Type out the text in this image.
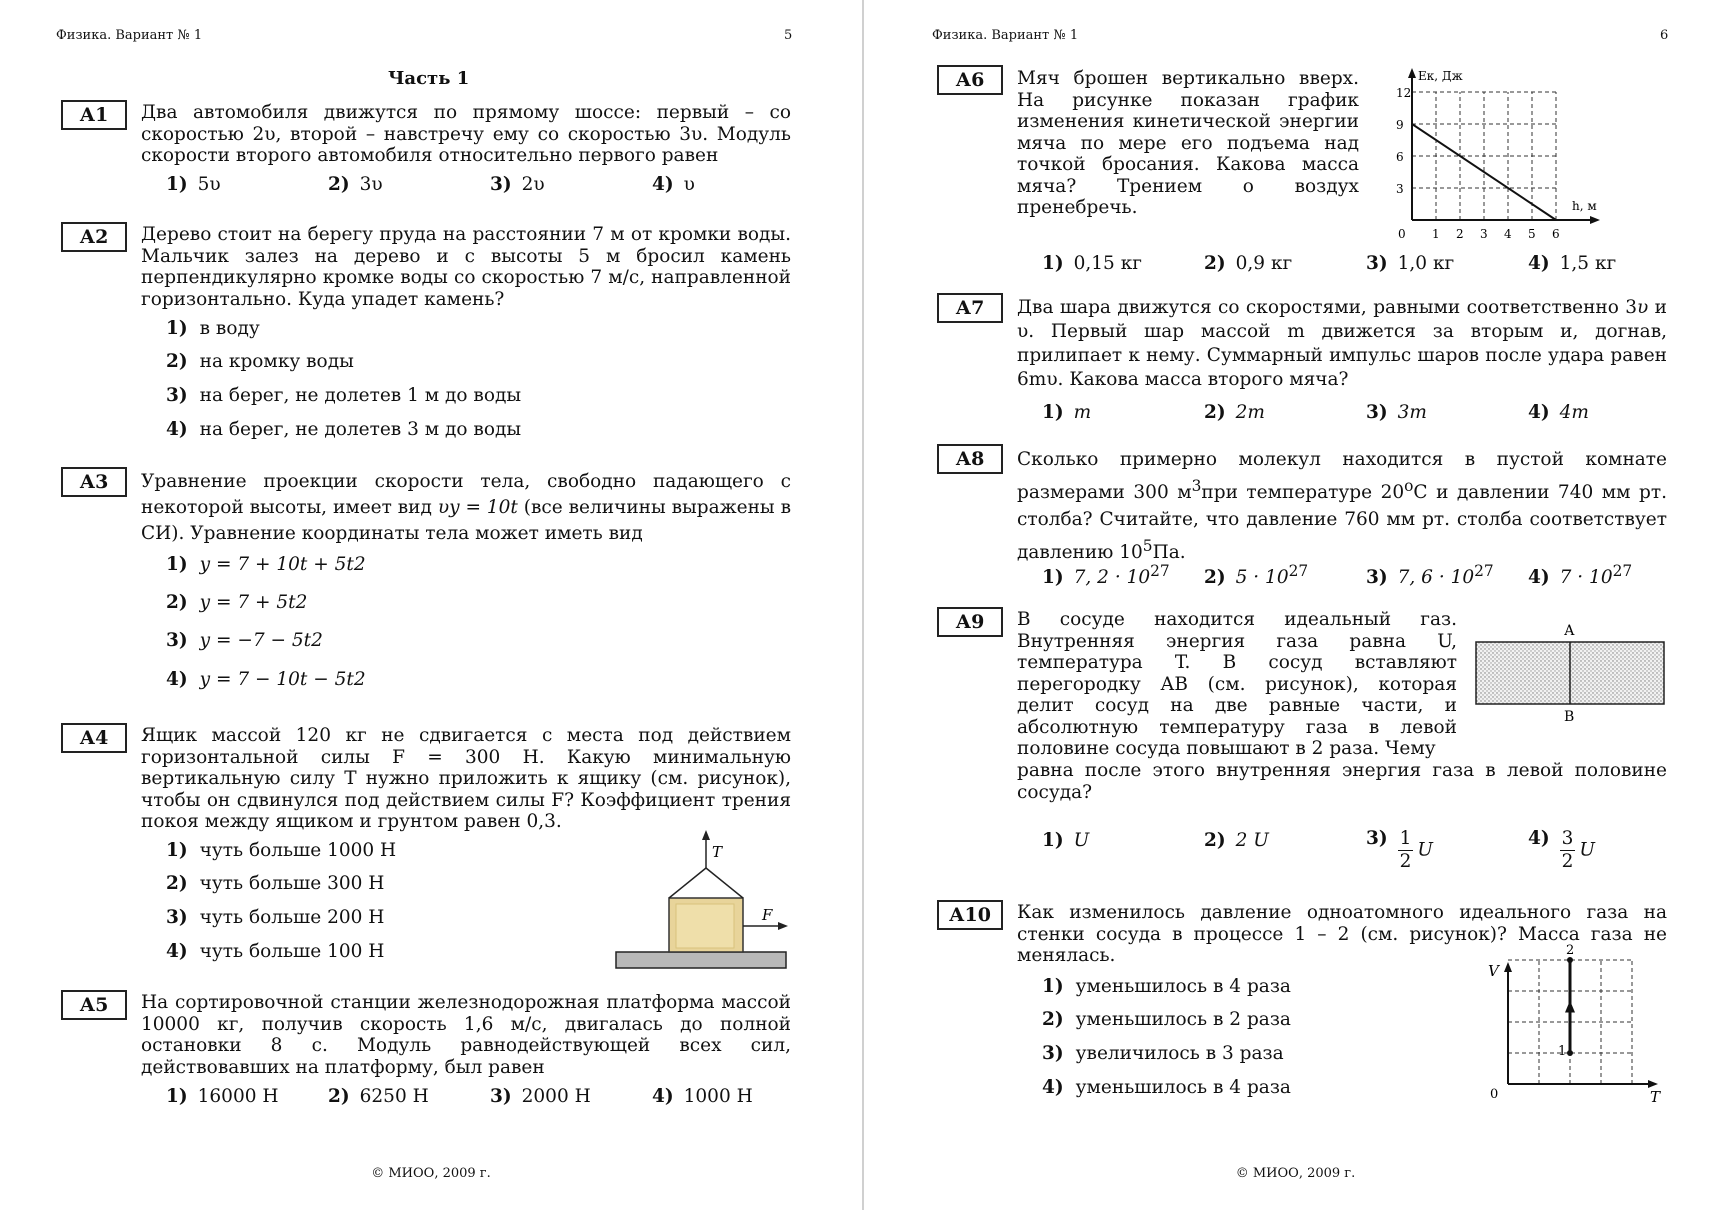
Физика. Вариант № 1	5
Часть 1
А1	Два автомобиля движутся по прямому шоссе: первый – со скоростью 2υ, второй – навстречу ему со скоростью 3υ. Модуль скорости второго автомобиля относительно первого равен
1) 5υ	2) 3υ	3) 2υ	4) υ
А2	Дерево стоит на берегу пруда на расстоянии 7 м от кромки воды. Мальчик залез на дерево и с высоты 5 м бросил камень перпендикулярно кромке воды со скоростью 7 м/с, направленной горизонтально. Куда упадет камень?
1) в воду
2) на кромку воды
3) на берег, не долетев 1 м до воды
4) на берег, не долетев 3 м до воды
А3	Уравнение проекции скорости тела, свободно падающего с некоторой высоты, имеет вид υy = 10t (все величины выражены в СИ). Уравнение координаты тела может иметь вид
1) y = 7 + 10t + 5t2
2) y = 7 + 5t2
3) y = −7 − 5t2
4) y = 7 − 10t − 5t2
А4	Ящик массой 120 кг не сдвигается с места под действием горизонтальной силы F = 300 Н. Какую минимальную вертикальную силу T нужно приложить к ящику (см. рисунок), чтобы он сдвинулся под действием силы F? Коэффициент трения покоя между ящиком и грунтом равен 0,3.
1) чуть больше 1000 Н
2) чуть больше 300 Н
3) чуть больше 200 Н
4) чуть больше 100 Н
T
F
А5	На сортировочной станции железнодорожная платформа массой 10000 кг, получив скорость 1,6 м/с, двигалась до полной остановки 8 с. Модуль равнодействующей всех сил, действовавших на платформу, был равен
1) 16000 Н	2) 6250 Н	3) 2000 Н	4) 1000 Н
© МИОО, 2009 г.
Физика. Вариант № 1	6
А6	Мяч брошен вертикально вверх. На рисунке показан график изменения кинетической энергии мяча по мере его подъема над точкой бросания. Какова масса мяча? Трением о воздух пренебречь.
3
6
9
12
0 1 2 3 4 5 6
Eк, Дж
h, м
1) 0,15 кг	2) 0,9 кг	3) 1,0 кг	4) 1,5 кг
А7	Два шара движутся со скоростями, равными соответственно 3υ и υ. Первый шар массой m движется за вторым и, догнав, прилипает к нему. Суммарный импульс шаров после удара равен 6mυ. Какова масса второго мяча?
1) m	2) 2m	3) 3m	4) 4m
А8	Сколько примерно молекул находится в пустой комнате размерами 300 $м^3при$ температуре $20^оС$ и давлении 740 мм рт. столба? Считайте, что давление 760 мм рт. столба соответствует давлению $10^5Па$.
1) 7, $2 \cdot 10^{27}$ 2) $5 \cdot 10^{27}$	3) 7, $6 \cdot 10^{27}$ 4) $7 \cdot 10^{27}$
А9	В сосуде находится идеальный газ. Внутренняя энергия газа равна U, температура T. В сосуд вставляют перегородку АВ (см. рисунок), которая делит сосуд на две равные части, и абсолютную температуру газа в левой половине сосуда повышают в 2 раза. Чему
равна после этого внутренняя энергия газа в левой половине сосуда?
А
В
1) U	2) 2 U	$3) \frac{1}{2}$ U
$4) \frac{3}{2}$ U
А10	Как изменилось давление одноатомного идеального газа на стенки сосуда в процессе 1 – 2 (см. рисунок)? Масса газа не менялась.
1) уменьшилось в 4 раза
2) уменьшилось в 2 раза
3) увеличилось в 3 раза
4) уменьшилось в 4 раза	0
V
T
1
2
© МИОО, 2009 г.
